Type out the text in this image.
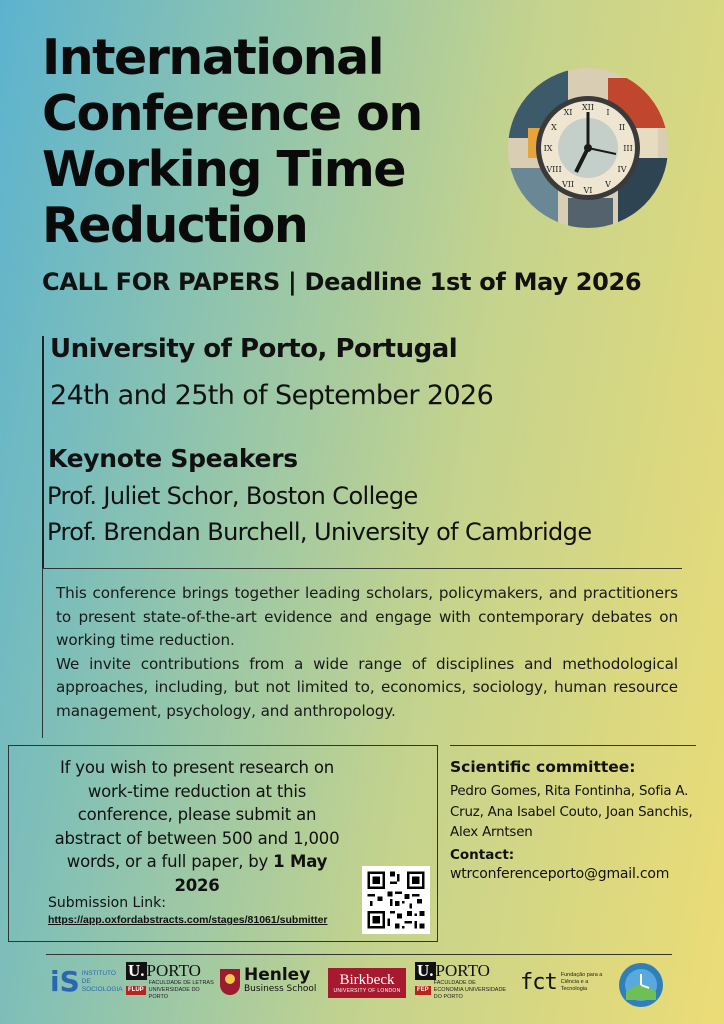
International
Conference on
Working Time
Reduction
XII
I
II
III
IV
V
VI
VII
VIII
IX
X
XI
CALL FOR PAPERS | Deadline 1st of May 2026
University of Porto, Portugal
24th and 25th of September 2026
Keynote Speakers
Prof. Juliet Schor, Boston College
Prof. Brendan Burchell, University of Cambridge

This conference brings together leading scholars, policymakers, and practitioners to present state-of-the-art evidence and engage with contemporary debates on working time reduction.

We invite contributions from a wide range of disciplines and methodological approaches, including, but not limited to, economics, sociology, human resource management, psychology, and anthropology.

If you wish to present research on work-time reduction at this conference, please submit an abstract of between 500 and 1,000 words, or a full paper, by 1 May 2026
Submission Link:
https://app.oxfordabstracts.com/stages/81061/submitter
Scientific committee:
Pedro Gomes, Rita Fontinha, Sofia A. Cruz, Ana Isabel Couto, Joan Sanchis, Alex Arntsen
Contact:
wtrconferenceporto@gmail.com
iS INSTITUTO DE SOCIOLOGIA
U. PORTO
FLUP
FACULDADE DE LETRAS UNIVERSIDADE DO PORTO
Henley
Business School
Birkbeck
UNIVERSITY OF LONDON
U. PORTO
FEP
FACULDADE DE ECONOMIA UNIVERSIDADE DO PORTO
fct Fundação para a Ciência e a Tecnologia
